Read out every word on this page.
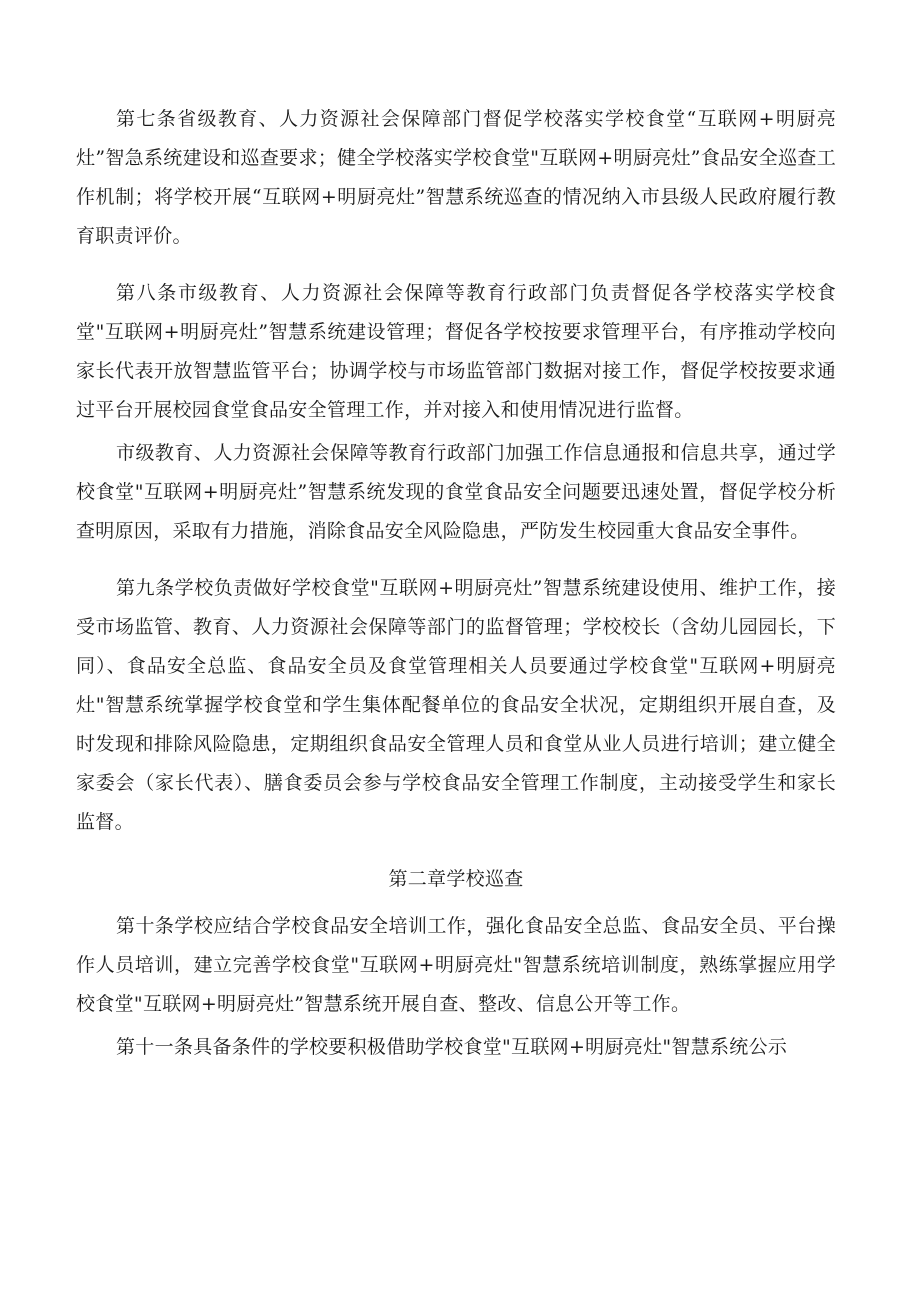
第七条省级教育、人力资源社会保障部门督促学校落实学校食堂“互联网+明厨亮灶”智急系统建设和巡查要求；健全学校落实学校食堂"互联网+明厨亮灶”食品安全巡查工作机制；将学校开展“互联网+明厨亮灶”智慧系统巡查的情况纳入市县级人民政府履行教育职责评价。

第八条市级教育、人力资源社会保障等教育行政部门负责督促各学校落实学校食堂"互联网+明厨亮灶”智慧系统建设管理；督促各学校按要求管理平台，有序推动学校向家长代表开放智慧监管平台；协调学校与市场监管部门数据对接工作，督促学校按要求通过平台开展校园食堂食品安全管理工作，并对接入和使用情况进行监督。

市级教育、人力资源社会保障等教育行政部门加强工作信息通报和信息共享，通过学校食堂"互联网+明厨亮灶”智慧系统发现的食堂食品安全问题要迅速处置，督促学校分析查明原因，采取有力措施，消除食品安全风险隐患，严防发生校园重大食品安全事件。

第九条学校负责做好学校食堂"互联网+明厨亮灶”智慧系统建设使用、维护工作，接受市场监管、教育、人力资源社会保障等部门的监督管理；学校校长（含幼儿园园长，下同）、食品安全总监、食品安全员及食堂管理相关人员要通过学校食堂"互联网+明厨亮灶"智慧系统掌握学校食堂和学生集体配餐单位的食品安全状况，定期组织开展自查，及时发现和排除风险隐患，定期组织食品安全管理人员和食堂从业人员进行培训；建立健全家委会（家长代表）、膳食委员会参与学校食品安全管理工作制度，主动接受学生和家长监督。

第二章学校巡查

第十条学校应结合学校食品安全培训工作，强化食品安全总监、食品安全员、平台操作人员培训，建立完善学校食堂"互联网+明厨亮灶"智慧系统培训制度，熟练掌握应用学校食堂"互联网+明厨亮灶”智慧系统开展自查、整改、信息公开等工作。

第十一条具备条件的学校要积极借助学校食堂"互联网+明厨亮灶"智慧系统公示
